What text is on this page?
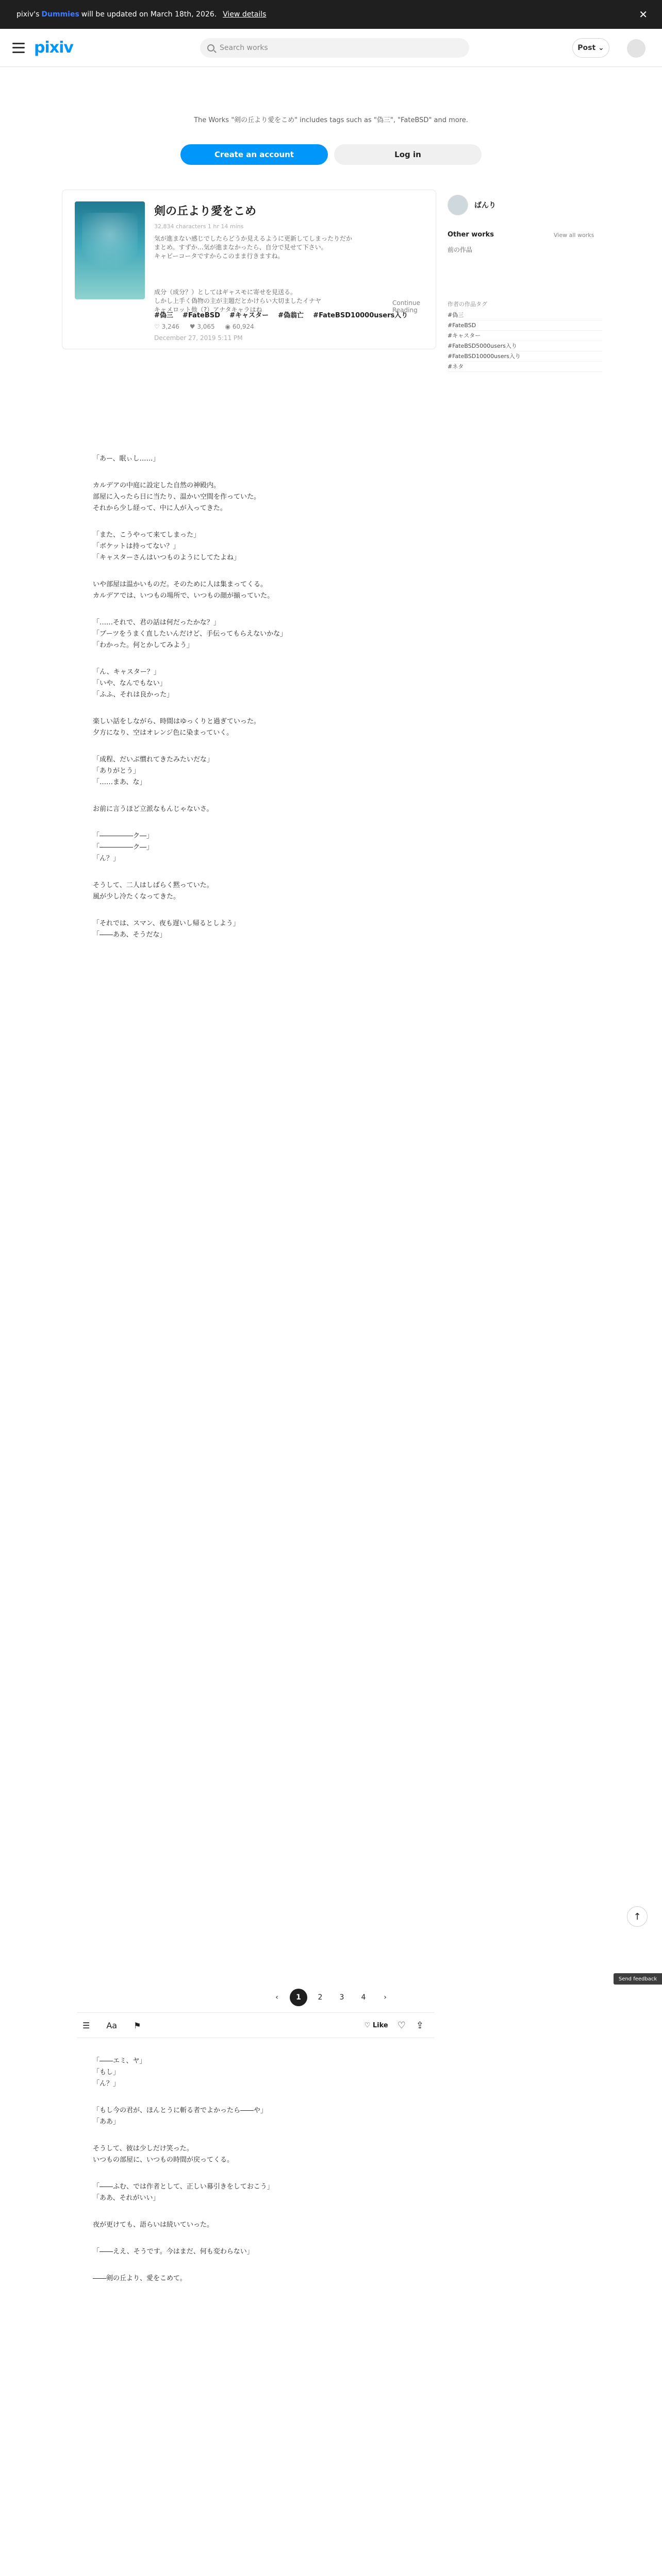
pixiv's Dummies will be updated on March 18th, 2026. View details	✕
pixiv	Search works	Post ⌄
The Works "剣の丘より愛をこめ" includes tags such as "偽三", "FateBSD" and more.
Create an account	Log in
剣の丘より愛をこめ
32,834 characters 1 hr 14 mins
気が進まない感じでしたらどうか見えるように更新してしまったりだか
まとめ。すずか…気が進まなかったら、自分で見せて下さい。
キャビーコータですからこのまま行きますね。
成分（成分？）としてはギャスモに寄せを見送る。
しかし上手く偽物の主が主題だとかけらい大切ましたイナヤ
キャメロット他（?）アナタキャラはね
Continue Reading
#偽三 #FateBSD #キャスター #偽翁亡 #FateBSD10000users入り
♡ 3,246 ♥ 3,065 ◉ 60,924
December 27, 2019 5:11 PM
ばんり
Other works	View all works
前の作品
作者の作品タグ
#偽三
#FateBSD
#キャスター
#FateBSD5000users入り
#FateBSD10000users入り
#ネタ

「あー、眠ぃし……」

カルデアの中庭に設定した自然の神殿内。
部屋に入ったら日に当たり、温かい空間を作っていた。
それから少し経って、中に人が入ってきた。

「また、こうやって来てしまった」
「ボケットは持ってない？」
「キャスターさんはいつものようにしてたよね」

いや部屋は温かいものだ。そのために人は集まってくる。
カルデアでは、いつもの場所で、いつもの顔が揃っていた。

「……それで、君の話は何だったかな？」
「ブーツをうまく直したいんだけど、手伝ってもらえないかな」
「わかった。何とかしてみよう」

「ん、キャスター？」
「いや、なんでもない」
「ふふ、それは良かった」

楽しい話をしながら、時間はゆっくりと過ぎていった。
夕方になり、空はオレンジ色に染まっていく。

「成程、だいぶ慣れてきたみたいだな」
「ありがとう」
「……まあ、な」

お前に言うほど立派なもんじゃないさ。

「―――――ク―」
「―――――ク―」
「ん？」

そうして、二人はしばらく黙っていた。
風が少し冷たくなってきた。

「それでは、スマン、夜も遅いし帰るとしよう」
「――ああ、そうだな」

↑
Send feedback
‹	1	2	3	4	›
☰ Aa ⚑	♡ Like ♡ ⇪

「――エミ、ヤ」
「もし」
「ん？」

「もし今の君が、ほんとうに斬る者でよかったら――や」
「ああ」

そうして、彼は少しだけ笑った。
いつもの部屋に、いつもの時間が戻ってくる。

「――ふむ、では作者として、正しい幕引きをしておこう」
「ああ、それがいい」

夜が更けても、語らいは続いていった。

「――ええ、そうです。今はまだ、何も変わらない」

――剣の丘より、愛をこめて。
